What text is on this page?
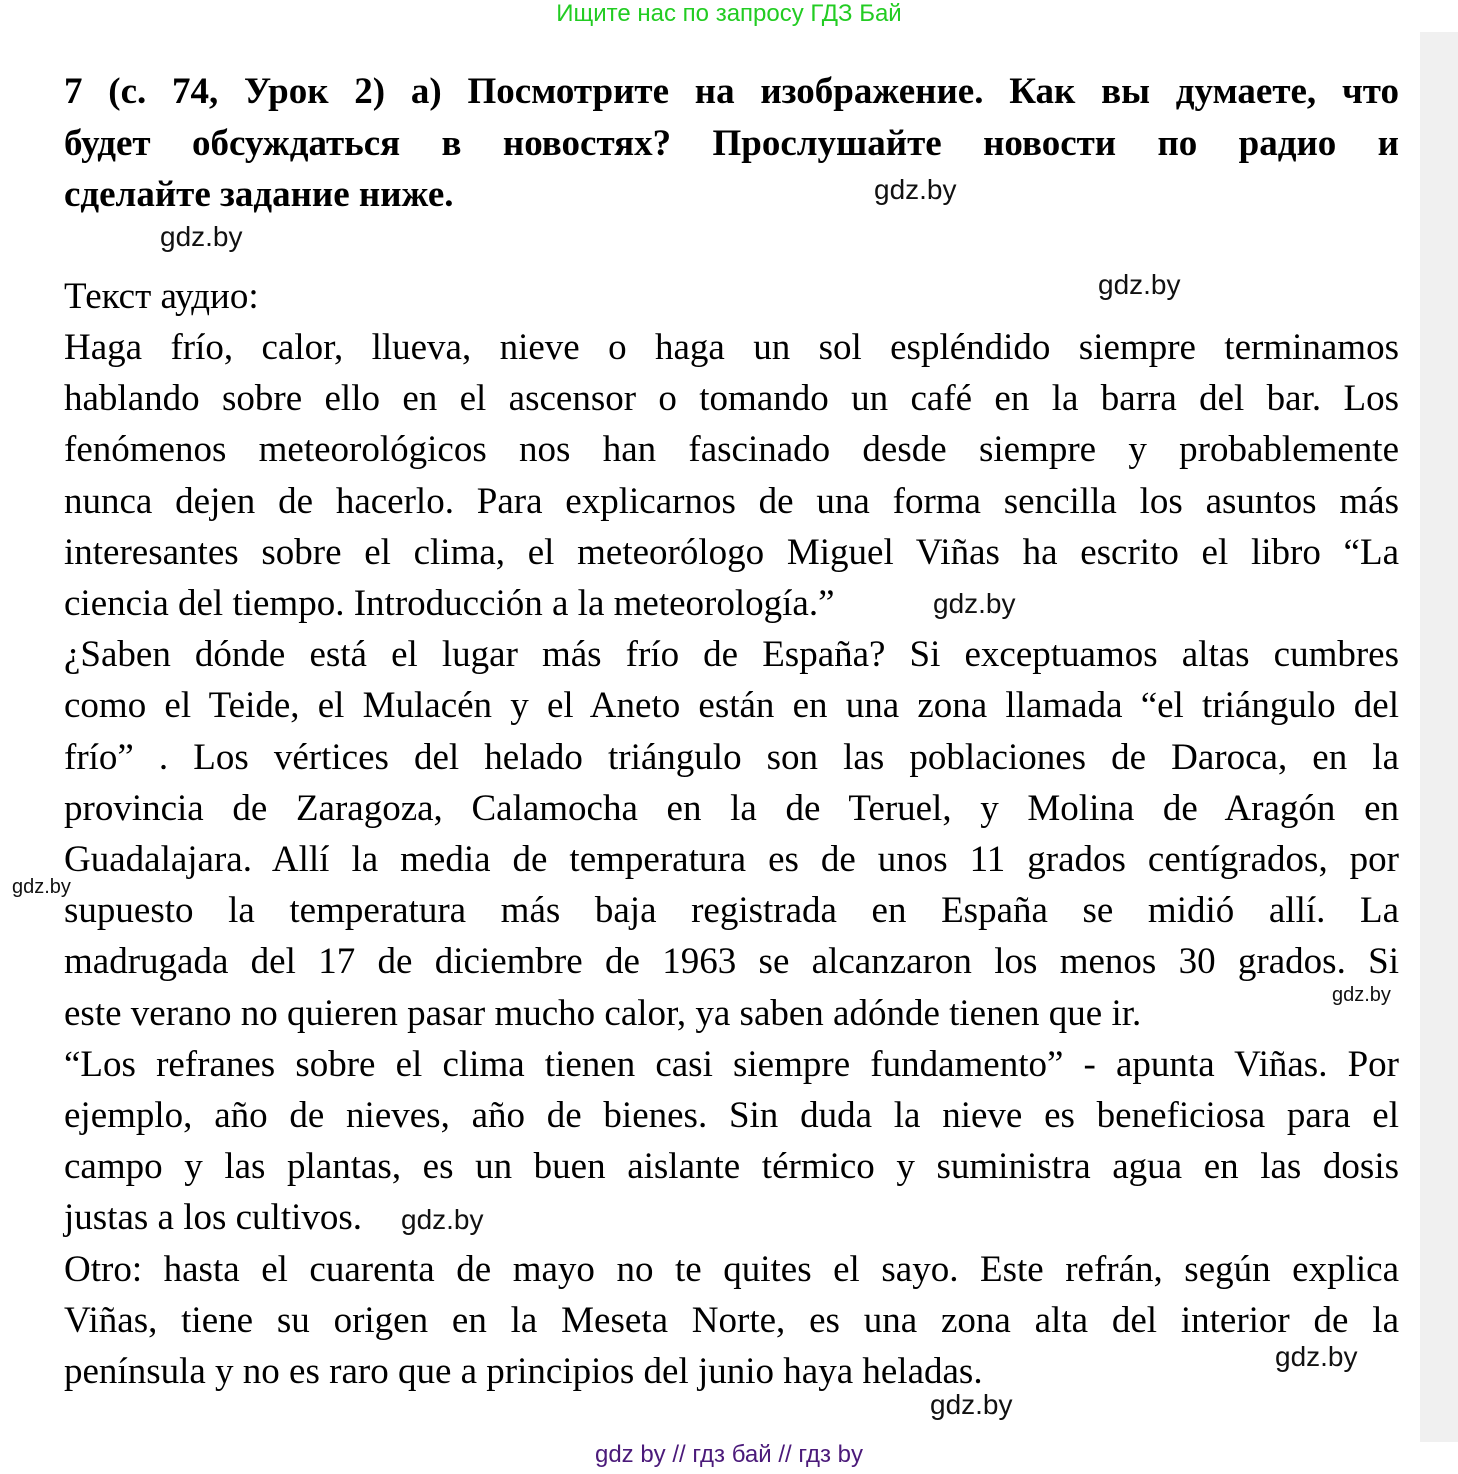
Ищите нас по запросу ГДЗ Бай
7 (с. 74, Урок 2) a) Посмотрите на изображение. Как вы думаете, что
будет обсуждаться в новостях? Прослушайте новости по радио и
сделайте задание ниже.
Текст аудио:
Haga frío, calor, llueva, nieve o haga un sol espléndido siempre terminamos
hablando sobre ello en el ascensor o tomando un café en la barra del bar. Los
fenómenos meteorológicos nos han fascinado desde siempre y probablemente
nunca dejen de hacerlo. Para explicarnos de una forma sencilla los asuntos más
interesantes sobre el clima, el meteorólogo Miguel Viñas ha escrito el libro “La
ciencia del tiempo. Introducción a la meteorología.”
¿Saben dónde está el lugar más frío de España? Si exceptuamos altas cumbres
como el Teide, el Mulacén y el Aneto están en una zona llamada “el triángulo del
frío” . Los vértices del helado triángulo son las poblaciones de Daroca, en la
provincia de Zaragoza, Calamocha en la de Teruel, y Molina de Aragón en
Guadalajara. Allí la media de temperatura es de unos 11 grados centígrados, por
supuesto la temperatura más baja registrada en España se midió allí. La
madrugada del 17 de diciembre de 1963 se alcanzaron los menos 30 grados. Si
este verano no quieren pasar mucho calor, ya saben adónde tienen que ir.
“Los refranes sobre el clima tienen casi siempre fundamento” - apunta Viñas. Por
ejemplo, año de nieves, año de bienes. Sin duda la nieve es beneficiosa para el
campo y las plantas, es un buen aislante térmico y suministra agua en las dosis
justas a los cultivos.
Otro: hasta el cuarenta de mayo no te quites el sayo. Este refrán, según explica
Viñas, tiene su origen en la Meseta Norte, es una zona alta del interior de la
península y no es raro que a principios del junio haya heladas.
gdz.by
gdz.by
gdz.by
gdz.by
gdz.by
gdz.by
gdz.by
gdz.by
gdz.by
gdz by // гдз бай // гдз by
